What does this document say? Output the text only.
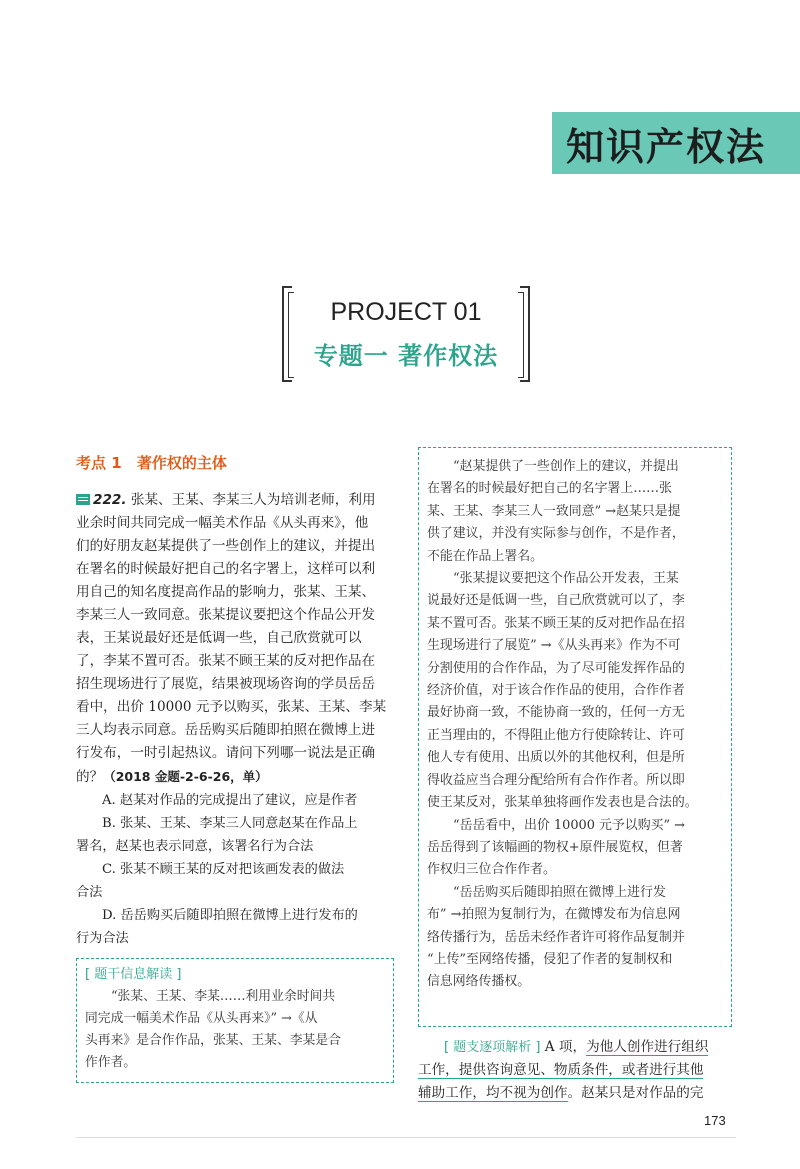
知识产权法
PROJECT 01
专题一 著作权法
考点 1 著作权的主体
222. 张某、王某、李某三人为培训老师，利用
业余时间共同完成一幅美术作品《从头再来》，他
们的好朋友赵某提供了一些创作上的建议，并提出
在署名的时候最好把自己的名字署上，这样可以利
用自己的知名度提高作品的影响力，张某、王某、
李某三人一致同意。张某提议要把这个作品公开发
表，王某说最好还是低调一些，自己欣赏就可以
了，李某不置可否。张某不顾王某的反对把作品在
招生现场进行了展览，结果被现场咨询的学员岳岳
看中，出价 10000 元予以购买，张某、王某、李某
三人均表示同意。岳岳购买后随即拍照在微博上进
行发布，一时引起热议。请问下列哪一说法是正确
的？（2018 金题-2-6-26，单）
A. 赵某对作品的完成提出了建议，应是作者
B. 张某、王某、李某三人同意赵某在作品上
署名，赵某也表示同意，该署名行为合法
C. 张某不顾王某的反对把该画发表的做法
合法
D. 岳岳购买后随即拍照在微博上进行发布的
行为合法
[ 题干信息解读 ]
“张某、王某、李某……利用业余时间共
同完成一幅美术作品《从头再来》” →《从
头再来》是合作作品，张某、王某、李某是合
作作者。
“赵某提供了一些创作上的建议，并提出
在署名的时候最好把自己的名字署上……张
某、王某、李某三人一致同意” →赵某只是提
供了建议，并没有实际参与创作，不是作者，
不能在作品上署名。
“张某提议要把这个作品公开发表，王某
说最好还是低调一些，自己欣赏就可以了，李
某不置可否。张某不顾王某的反对把作品在招
生现场进行了展览” →《从头再来》作为不可
分割使用的合作作品，为了尽可能发挥作品的
经济价值，对于该合作作品的使用，合作作者
最好协商一致，不能协商一致的，任何一方无
正当理由的，不得阻止他方行使除转让、许可
他人专有使用、出质以外的其他权利，但是所
得收益应当合理分配给所有合作作者。所以即
使王某反对，张某单独将画作发表也是合法的。
“岳岳看中，出价 10000 元予以购买” →
岳岳得到了该幅画的物权+原件展览权，但著
作权归三位合作作者。
“岳岳购买后随即拍照在微博上进行发
布” →拍照为复制行为，在微博发布为信息网
络传播行为，岳岳未经作者许可将作品复制并
“上传”至网络传播，侵犯了作者的复制权和
信息网络传播权。
[ 题支逐项解析 ] A 项，为他人创作进行组织
工作，提供咨询意见、物质条件，或者进行其他
辅助工作，均不视为创作。赵某只是对作品的完
173
